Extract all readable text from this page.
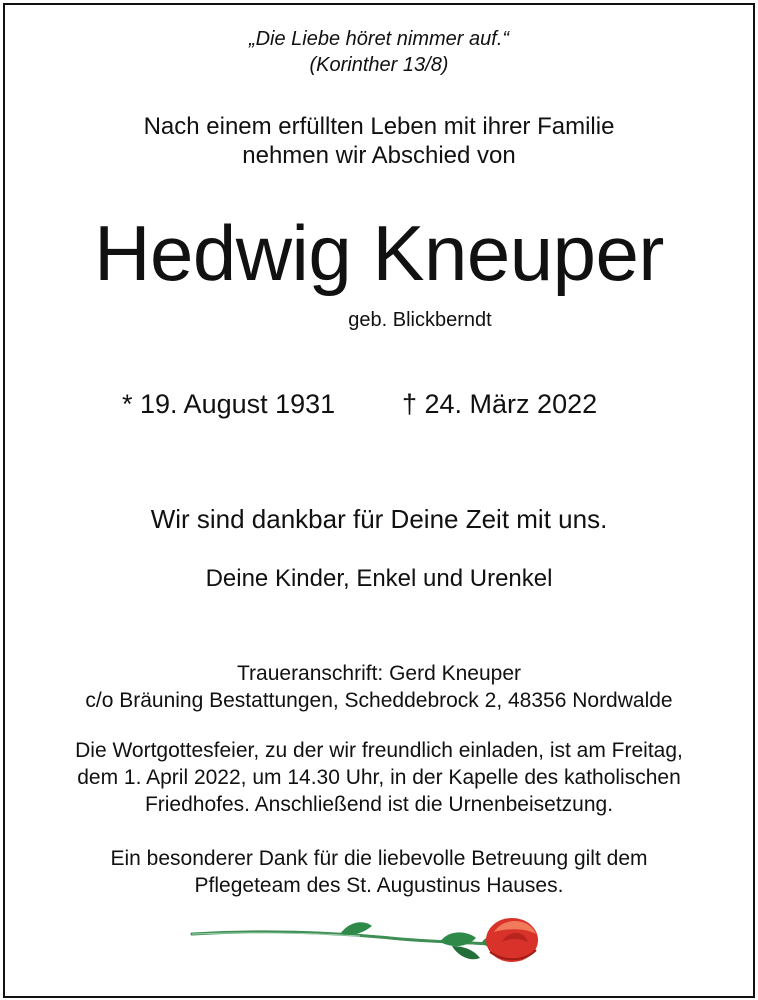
„Die Liebe höret nimmer auf.“
(Korinther 13/8)
Nach einem erfüllten Leben mit ihrer Familie
nehmen wir Abschied von
Hedwig Kneuper
geb. Blickberndt
* 19. August 1931 † 24. März 2022
Wir sind dankbar für Deine Zeit mit uns.
Deine Kinder, Enkel und Urenkel
Traueranschrift: Gerd Kneuper
c/o Bräuning Bestattungen, Scheddebrock 2, 48356 Nordwalde
Die Wortgottesfeier, zu der wir freundlich einladen, ist am Freitag,
dem 1. April 2022, um 14.30 Uhr, in der Kapelle des katholischen
Friedhofes. Anschließend ist die Urnenbeisetzung.
Ein besonderer Dank für die liebevolle Betreuung gilt dem
Pflegeteam des St. Augustinus Hauses.
